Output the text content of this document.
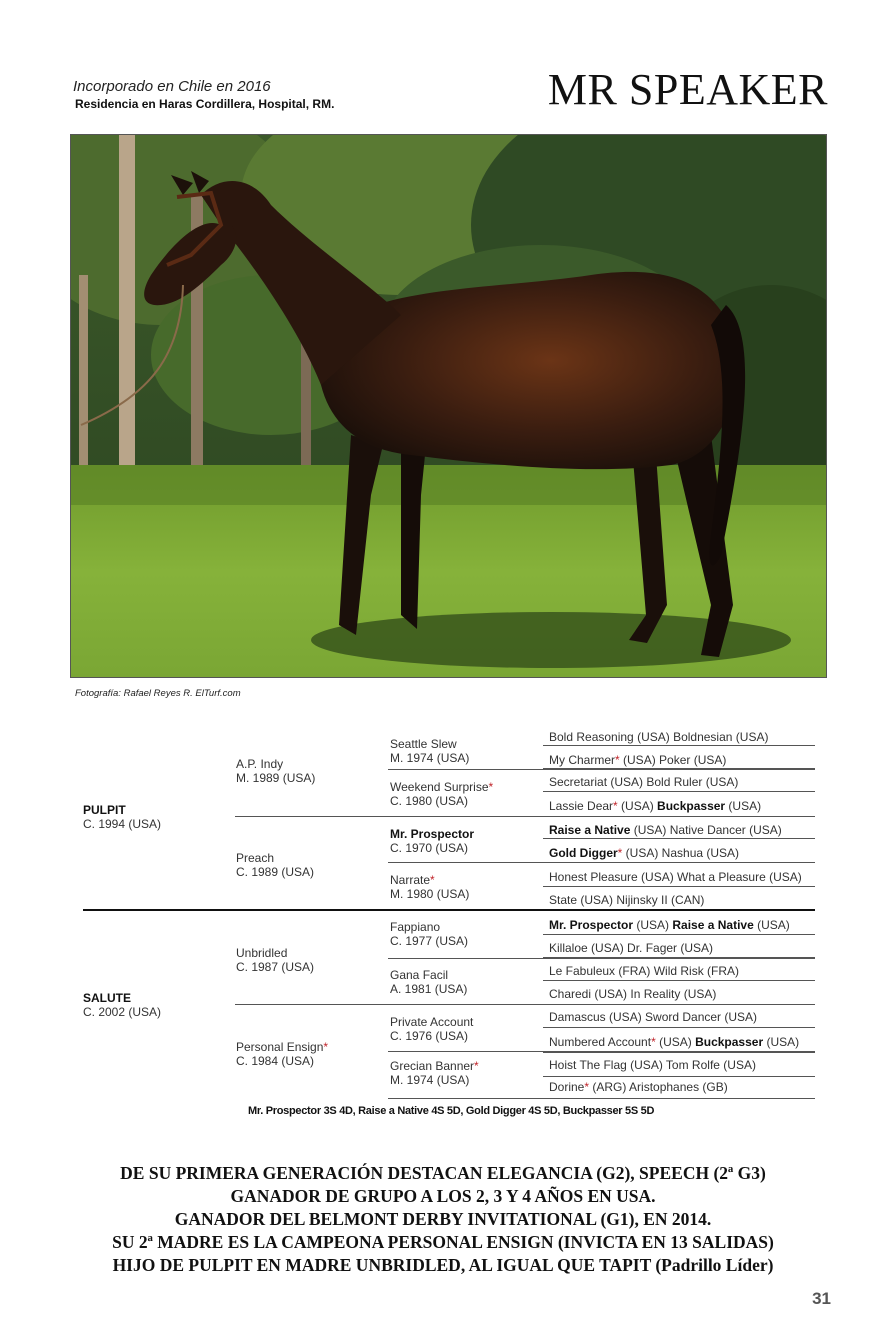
Incorporado en Chile en 2016
Residencia en Haras Cordillera, Hospital, RM.	MR SPEAKER
Fotografía: Rafael Reyes R. ElTurf.com
PULPIT
C. 1994 (USA)
SALUTE
C. 2002 (USA)
A.P. Indy
M. 1989 (USA)
Preach
C. 1989 (USA)
Unbridled
C. 1987 (USA)
Personal Ensign*
C. 1984 (USA)
Seattle Slew
M. 1974 (USA)
Weekend Surprise*
C. 1980 (USA)
Mr. Prospector
C. 1970 (USA)
Narrate*
M. 1980 (USA)
Fappiano
C. 1977 (USA)
Gana Facil
A. 1981 (USA)
Private Account
C. 1976 (USA)
Grecian Banner*
M. 1974 (USA)
Bold Reasoning (USA) Boldnesian (USA)
My Charmer* (USA) Poker (USA)
Secretariat (USA) Bold Ruler (USA)
Lassie Dear* (USA) Buckpasser (USA)
Raise a Native (USA) Native Dancer (USA)
Gold Digger* (USA) Nashua (USA)
Honest Pleasure (USA) What a Pleasure (USA)
State (USA) Nijinsky II (CAN)
Mr. Prospector (USA) Raise a Native (USA)
Killaloe (USA) Dr. Fager (USA)
Le Fabuleux (FRA) Wild Risk (FRA)
Charedi (USA) In Reality (USA)
Damascus (USA) Sword Dancer (USA)
Numbered Account* (USA) Buckpasser (USA)
Hoist The Flag (USA) Tom Rolfe (USA)
Dorine* (ARG) Aristophanes (GB)
Mr. Prospector 3S 4D, Raise a Native 4S 5D, Gold Digger 4S 5D, Buckpasser 5S 5D
DE SU PRIMERA GENERACIÓN DESTACAN ELEGANCIA (G2), SPEECH (2ª G3)
GANADOR DE GRUPO A LOS 2, 3 Y 4 AÑOS EN USA.
GANADOR DEL BELMONT DERBY INVITATIONAL (G1), EN 2014.
SU 2ª MADRE ES LA CAMPEONA PERSONAL ENSIGN (INVICTA EN 13 SALIDAS)
HIJO DE PULPIT EN MADRE UNBRIDLED, AL IGUAL QUE TAPIT (Padrillo Líder)
31
